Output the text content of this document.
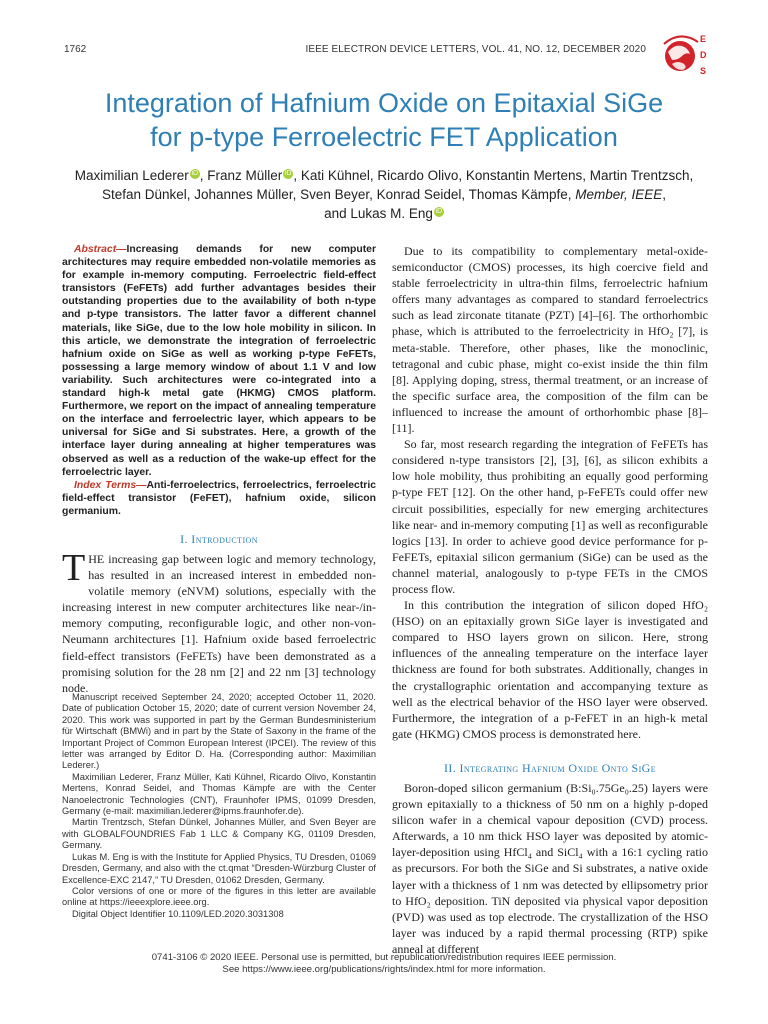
1762	IEEE ELECTRON DEVICE LETTERS, VOL. 41, NO. 12, DECEMBER 2020
E
D
S
Integration of Hafnium Oxide on Epitaxial SiGe
for p-type Ferroelectric FET Application
Maximilian Lederer iD , Franz Müller iD , Kati Kühnel, Ricardo Olivo, Konstantin Mertens, Martin Trentzsch,
Stefan Dünkel, Johannes Müller, Sven Beyer, Konrad Seidel, Thomas Kämpfe, Member, IEEE,
and Lukas M. Eng iD
Abstract—Increasing demands for new computer architectures may require embedded non-volatile memories as for example in-memory computing. Ferroelectric field-effect transistors (FeFETs) add further advantages besides their outstanding properties due to the availability of both n-type and p-type transistors. The latter favor a different channel materials, like SiGe, due to the low hole mobility in silicon. In this article, we demonstrate the integration of ferroelectric hafnium oxide on SiGe as well as working p-type FeFETs, possessing a large memory window of about 1.1 V and low variability. Such architectures were co-integrated into a standard high-k metal gate (HKMG) CMOS platform. Furthermore, we report on the impact of annealing temperature on the interface and ferroelectric layer, which appears to be universal for SiGe and Si substrates. Here, a growth of the interface layer during annealing at higher temperatures was observed as well as a reduction of the wake-up effect for the ferroelectric layer.
Index Terms—Anti-ferroelectrics, ferroelectrics, ferroelectric field-effect transistor (FeFET), hafnium oxide, silicon germanium.
I. Introduction

THE increasing gap between logic and memory technology, has resulted in an increased interest in embedded non-volatile memory (eNVM) solutions, especially with the increasing interest in new computer architectures like near-/in-memory computing, reconfigurable logic, and other non-von-Neumann architectures [1]. Hafnium oxide based ferroelectric field-effect transistors (FeFETs) have been demonstrated as a promising solution for the 28 nm [2] and 22 nm [3] technology node.

Manuscript received September 24, 2020; accepted October 11, 2020. Date of publication October 15, 2020; date of current version November 24, 2020. This work was supported in part by the German Bundesministerium für Wirtschaft (BMWi) and in part by the State of Saxony in the frame of the Important Project of Common European Interest (IPCEI). The review of this letter was arranged by Editor D. Ha. (Corresponding author: Maximilian Lederer.)

Maximilian Lederer, Franz Müller, Kati Kühnel, Ricardo Olivo, Konstantin Mertens, Konrad Seidel, and Thomas Kämpfe are with the Center Nanoelectronic Technologies (CNT), Fraunhofer IPMS, 01099 Dresden, Germany (e-mail: maximilian.lederer@ipms.fraunhofer.de).

Martin Trentzsch, Stefan Dünkel, Johannes Müller, and Sven Beyer are with GLOBALFOUNDRIES Fab 1 LLC & Company KG, 01109 Dresden, Germany.

Lukas M. Eng is with the Institute for Applied Physics, TU Dresden, 01069 Dresden, Germany, and also with the ct.qmat “Dresden-Würzburg Cluster of Excellence-EXC 2147,” TU Dresden, 01062 Dresden, Germany.

Color versions of one or more of the figures in this letter are available online at https://ieeexplore.ieee.org.

Digital Object Identifier 10.1109/LED.2020.3031308

Due to its compatibility to complementary metal-oxide-semiconductor (CMOS) processes, its high coercive field and stable ferroelectricity in ultra-thin films, ferroelectric hafnium offers many advantages as compared to standard ferroelectrics such as lead zirconate titanate (PZT) [4]–[6]. The orthorhombic phase, which is attributed to the ferroelectricity in HfO₂ [7], is meta-stable. Therefore, other phases, like the monoclinic, tetragonal and cubic phase, might co-exist inside the thin film [8]. Applying doping, stress, thermal treatment, or an increase of the specific surface area, the composition of the film can be influenced to increase the amount of orthorhombic phase [8]–[11].

So far, most research regarding the integration of FeFETs has considered n-type transistors [2], [3], [6], as silicon exhibits a low hole mobility, thus prohibiting an equally good performing p-type FET [12]. On the other hand, p-FeFETs could offer new circuit possibilities, especially for new emerging architectures like near- and in-memory computing [1] as well as reconfigurable logics [13]. In order to achieve good device performance for p-FeFETs, epitaxial silicon germanium (SiGe) can be used as the channel material, analogously to p-type FETs in the CMOS process flow.

In this contribution the integration of silicon doped HfO₂ (HSO) on an epitaxially grown SiGe layer is investigated and compared to HSO layers grown on silicon. Here, strong influences of the annealing temperature on the interface layer thickness are found for both substrates. Additionally, changes in the crystallographic orientation and accompanying texture as well as the electrical behavior of the HSO layer were observed. Furthermore, the integration of a p-FeFET in an high-k metal gate (HKMG) CMOS process is demonstrated here.

II. Integrating Hafnium Oxide Onto SiGe

Boron-doped silicon germanium (B:Si₀.75Ge₀.25) layers were grown epitaxially to a thickness of 50 nm on a highly p-doped silicon wafer in a chemical vapour deposition (CVD) process. Afterwards, a 10 nm thick HSO layer was deposited by atomic-layer-deposition using HfCl₄ and SiCl₄ with a 16:1 cycling ratio as precursors. For both the SiGe and Si substrates, a native oxide layer with a thickness of 1 nm was detected by ellipsometry prior to HfO₂ deposition. TiN deposited via physical vapor deposition (PVD) was used as top electrode. The crystallization of the HSO layer was induced by a rapid thermal processing (RTP) spike anneal at different

0741-3106 © 2020 IEEE. Personal use is permitted, but republication/redistribution requires IEEE permission.
See https://www.ieee.org/publications/rights/index.html for more information.
